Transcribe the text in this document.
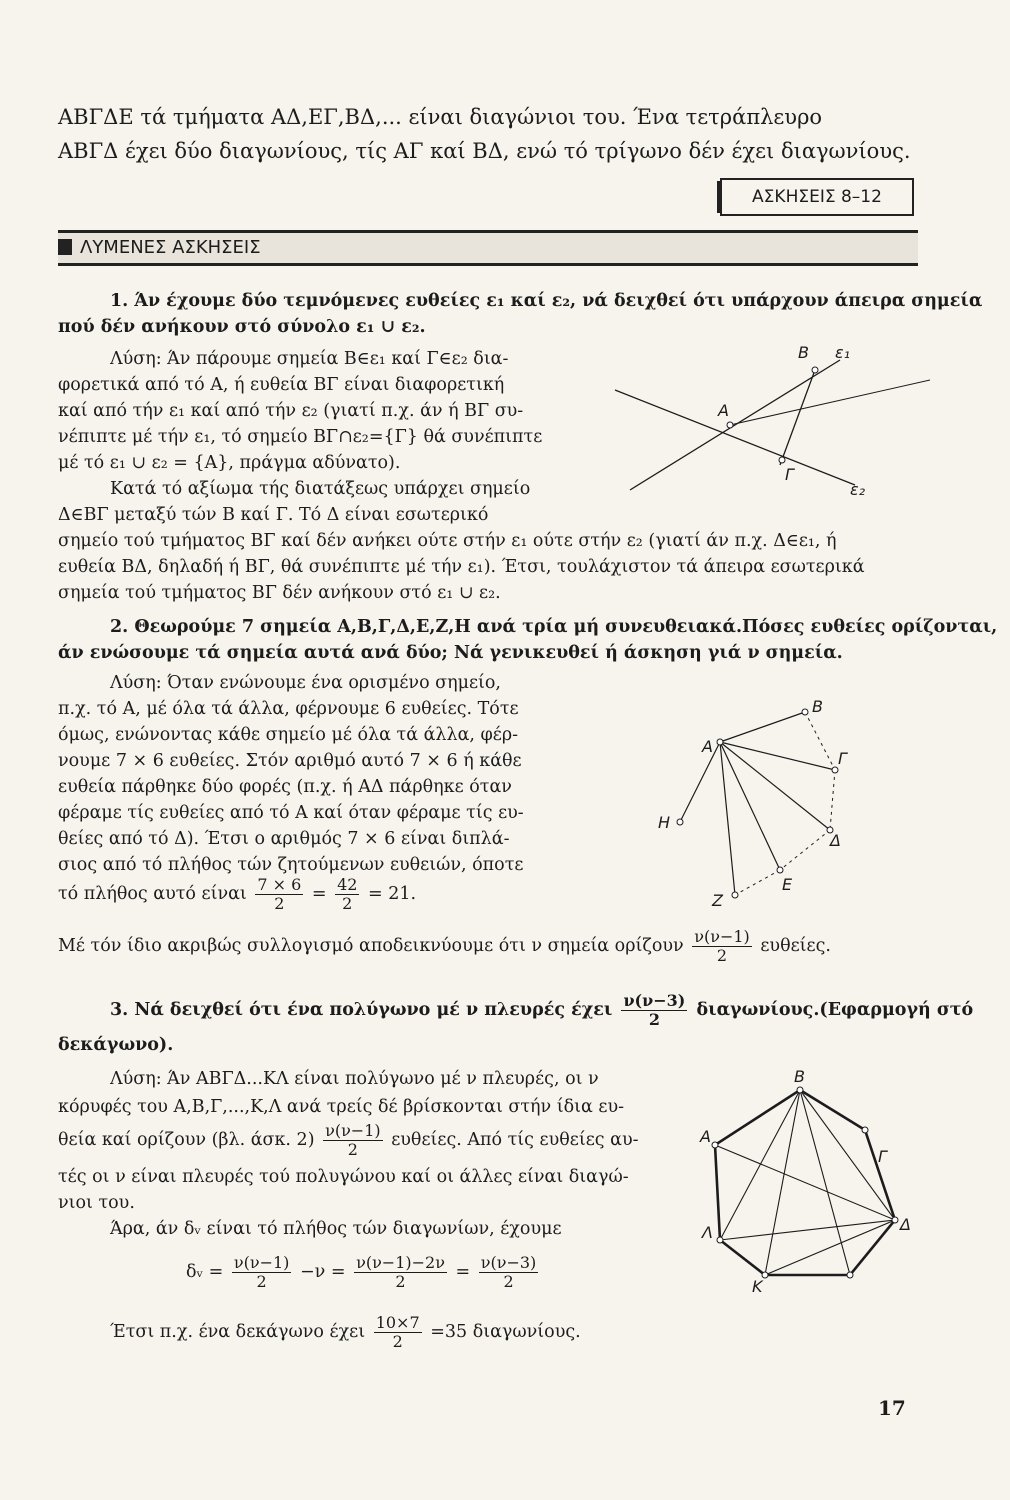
ΑΒΓΔΕ τά τμήματα ΑΔ,ΕΓ,ΒΔ,... είναι διαγώνιοι του. Ένα τετράπλευρο
ΑΒΓΔ έχει δύο διαγωνίους, τίς ΑΓ καί ΒΔ, ενώ τό τρίγωνο δέν έχει διαγωνίους.
ΑΣΚΗΣΕΙΣ 8–12
ΛΥΜΕΝΕΣ ΑΣΚΗΣΕΙΣ
1. Άν έχουμε δύο τεμνόμενες ευθείες ε₁ καί ε₂, νά δειχθεί ότι υπάρχουν άπειρα σημεία
πού δέν ανήκουν στό σύνολο ε₁ ∪ ε₂.
Λύση: Άν πάρουμε σημεία Β∈ε₁ καί Γ∈ε₂ δια-
φορετικά από τό Α, ή ευθεία ΒΓ είναι διαφορετική
καί από τήν ε₁ καί από τήν ε₂ (γιατί π.χ. άν ή ΒΓ συ-
νέπιπτε μέ τήν ε₁, τό σημείο ΒΓ∩ε₂={Γ} θά συνέπιπτε
μέ τό ε₁ ∪ ε₂ = {Α}, πράγμα αδύνατο).
Κατά τό αξίωμα τής διατάξεως υπάρχει σημείο
Δ∈ΒΓ μεταξύ τών Β καί Γ. Τό Δ είναι εσωτερικό
σημείο τού τμήματος ΒΓ καί δέν ανήκει ούτε στήν ε₁ ούτε στήν ε₂ (γιατί άν π.χ. Δ∈ε₁, ή
ευθεία ΒΔ, δηλαδή ή ΒΓ, θά συνέπιπτε μέ τήν ε₁). Έτσι, τουλάχιστον τά άπειρα εσωτερικά
σημεία τού τμήματος ΒΓ δέν ανήκουν στό ε₁ ∪ ε₂.
Β ε₁
Α
Γ
ε₂
2. Θεωρούμε 7 σημεία Α,Β,Γ,Δ,Ε,Ζ,Η ανά τρία μή συνευθειακά.Πόσες ευθείες ορίζονται,
άν ενώσουμε τά σημεία αυτά ανά δύο; Νά γενικευθεί ή άσκηση γιά ν σημεία.
Λύση: Όταν ενώνουμε ένα ορισμένο σημείο,
π.χ. τό Α, μέ όλα τά άλλα, φέρνουμε 6 ευθείες. Τότε
όμως, ενώνοντας κάθε σημείο μέ όλα τά άλλα, φέρ-
νουμε 7 × 6 ευθείες. Στόν αριθμό αυτό 7 × 6 ή κάθε
ευθεία πάρθηκε δύο φορές (π.χ. ή ΑΔ πάρθηκε όταν
φέραμε τίς ευθείες από τό Α καί όταν φέραμε τίς ευ-
θείες από τό Δ). Έτσι ο αριθμός 7 × 6 είναι διπλά-
σιος από τό πλήθος τών ζητούμενων ευθειών, όποτε
τό πλήθος αυτό είναι $\frac{7 \times 6}{2} = \frac{42}{2} = 21$.
Μέ τόν ίδιο ακριβώς συλλογισμό αποδεικνύουμε ότι ν σημεία ορίζουν $\frac{\nu(\nu-1)}{2} \varepsilon\upsilon\theta\varepsilon ί\varepsilon\varsigma$.
Β
Α
Γ
Η
Δ
Ε
Ζ
3. Νά δειχθεί ότι ένα πολύγωνο μέ ν πλευρές έχει $\frac{\nu(\nu-3)}{2} \delta\iota\alpha\gamma\omega\nu ίo\upsilon\varsigma.(E\varphi\alpha\rho\mu o\gamma ή$ στό
δεκάγωνο).
Λύση: Άν ΑΒΓΔ...ΚΛ είναι πολύγωνο μέ ν πλευρές, οι ν
κόρυφές του Α,Β,Γ,...,Κ,Λ ανά τρείς δέ βρίσκονται στήν ίδια ευ-
θεία καί ορίζουν (βλ. άσκ. $2) \frac{\nu(\nu-1)}{2} \varepsilon\upsilon\theta\varepsilon ί\varepsilon\varsigma$. Από τίς ευθείες αυ-
τές οι ν είναι πλευρές τού πολυγώνου καί οι άλλες είναι διαγώ-
νιοι του.
Άρα, άν δᵥ είναι τό πλήθος τών διαγωνίων, έχουμε
δᵥ = $\frac{\nu(\nu-1)}{2} -\nu = \frac{\nu(\nu-1)-2\nu}{2} = \frac{\nu(\nu-3)}{2}$
Έτσι π.χ. ένα δεκάγωνο έχει $\frac{10\times 7}{2} =35$ διαγωνίους.
Β
Α
Γ
Λ	Δ
Κ
17
